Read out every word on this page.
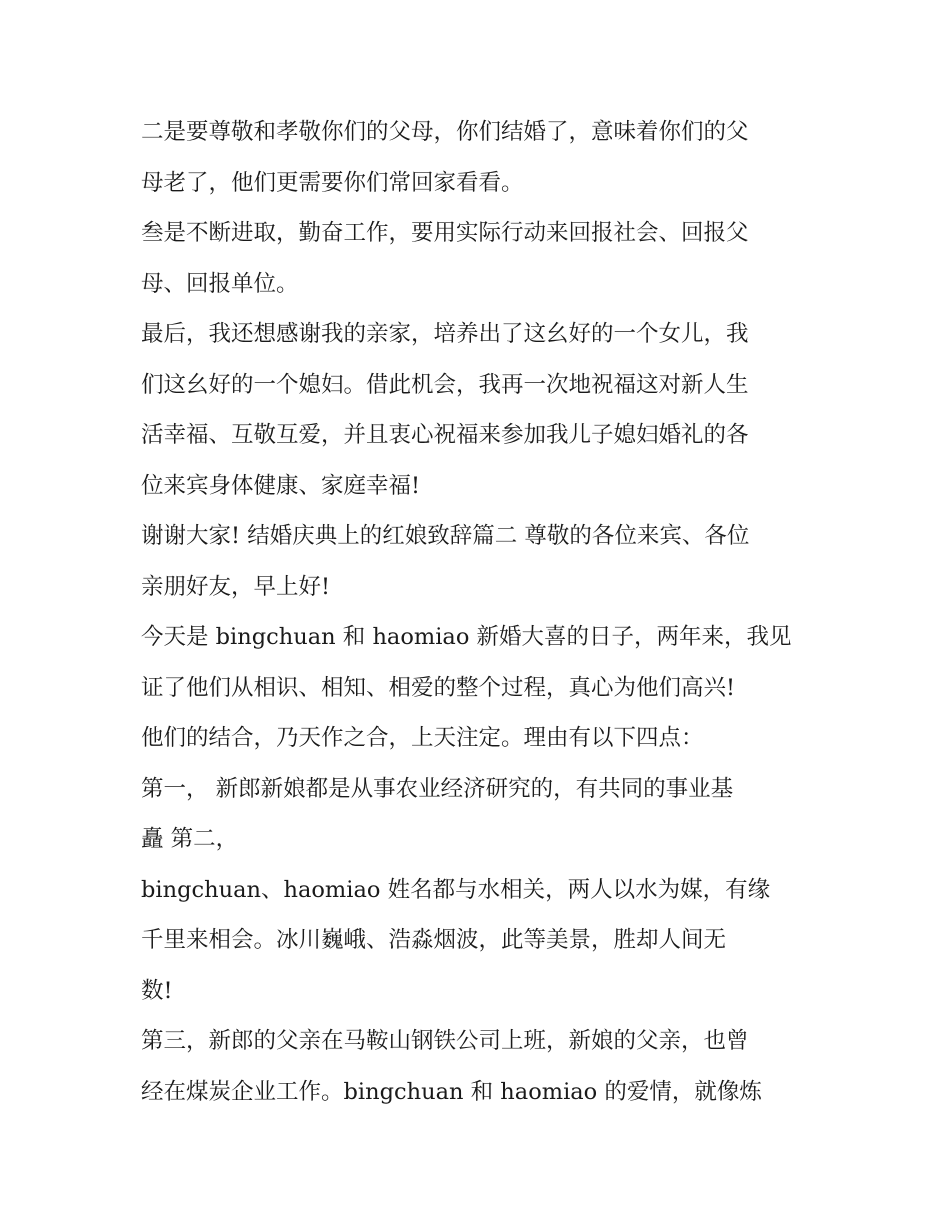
二是要尊敬和孝敬你们的父母，你们结婚了，意味着你们的父
母老了，他们更需要你们常回家看看。
叁是不断进取，勤奋工作，要用实际行动来回报社会、回报父
母、回报单位。
最后，我还想感谢我的亲家，培养出了这幺好的一个女儿，我
们这幺好的一个媳妇。借此机会，我再一次地祝福这对新人生
活幸福、互敬互爱，并且衷心祝福来参加我儿子媳妇婚礼的各
位来宾身体健康、家庭幸福!
谢谢大家! 结婚庆典上的红娘致辞篇二 尊敬的各位来宾、各位
亲朋好友，早上好!
今天是 bingchuan 和 haomiao 新婚大喜的日子，两年来，我见
证了他们从相识、相知、相爱的整个过程，真心为他们高兴!
他们的结合，乃天作之合，上天注定。理由有以下四点：
第一， 新郎新娘都是从事农业经济研究的，有共同的事业基
矗 第二，
bingchuan、haomiao 姓名都与水相关，两人以水为媒，有缘
千里来相会。冰川巍峨、浩淼烟波，此等美景，胜却人间无
数!
第三，新郎的父亲在马鞍山钢铁公司上班，新娘的父亲，也曾
经在煤炭企业工作。bingchuan 和 haomiao 的爱情，就像炼
